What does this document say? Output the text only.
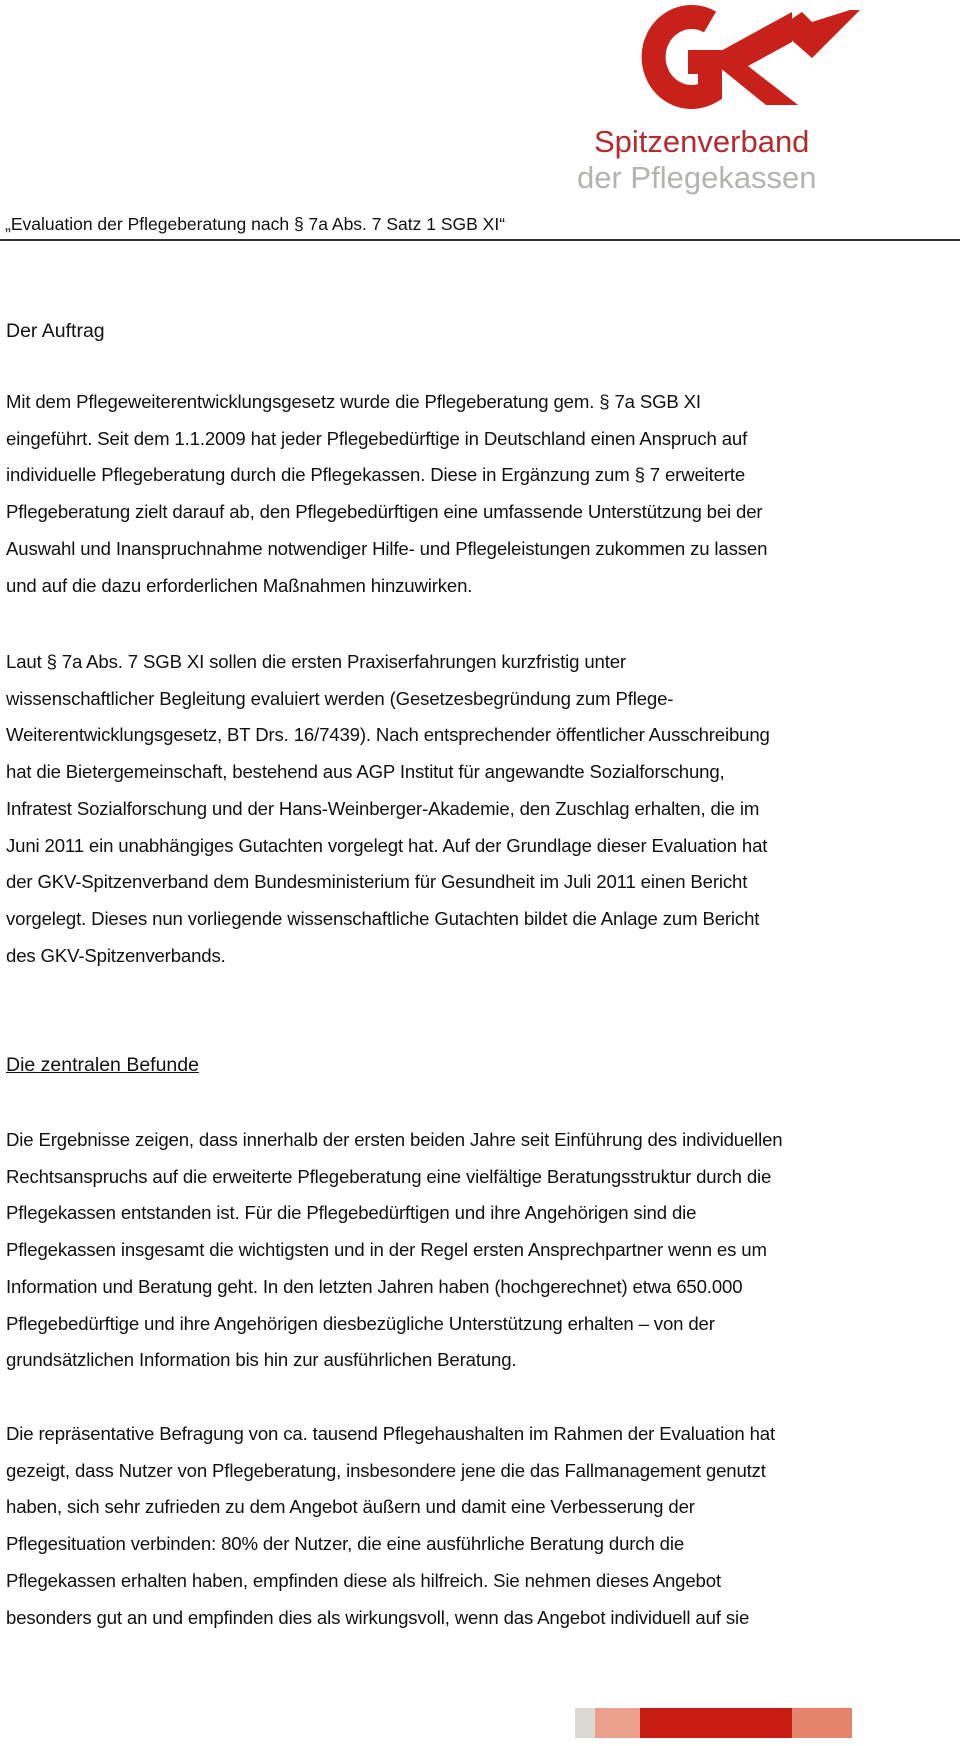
Spitzenverband
der Pflegekassen
„Evaluation der Pflegeberatung nach § 7a Abs. 7 Satz 1 SGB XI“
Der Auftrag
Mit dem Pflegeweiterentwicklungsgesetz wurde die Pflegeberatung gem. § 7a SGB XI
eingeführt. Seit dem 1.1.2009 hat jeder Pflegebedürftige in Deutschland einen Anspruch auf
individuelle Pflegeberatung durch die Pflegekassen. Diese in Ergänzung zum § 7 erweiterte
Pflegeberatung zielt darauf ab, den Pflegebedürftigen eine umfassende Unterstützung bei der
Auswahl und Inanspruchnahme notwendiger Hilfe- und Pflegeleistungen zukommen zu lassen
und auf die dazu erforderlichen Maßnahmen hinzuwirken.
Laut § 7a Abs. 7 SGB XI sollen die ersten Praxiserfahrungen kurzfristig unter
wissenschaftlicher Begleitung evaluiert werden (Gesetzesbegründung zum Pflege-
Weiterentwicklungsgesetz, BT Drs. 16/7439). Nach entsprechender öffentlicher Ausschreibung
hat die Bietergemeinschaft, bestehend aus AGP Institut für angewandte Sozialforschung,
Infratest Sozialforschung und der Hans-Weinberger-Akademie, den Zuschlag erhalten, die im
Juni 2011 ein unabhängiges Gutachten vorgelegt hat. Auf der Grundlage dieser Evaluation hat
der GKV-Spitzenverband dem Bundesministerium für Gesundheit im Juli 2011 einen Bericht
vorgelegt. Dieses nun vorliegende wissenschaftliche Gutachten bildet die Anlage zum Bericht
des GKV-Spitzenverbands.
Die zentralen Befunde
Die Ergebnisse zeigen, dass innerhalb der ersten beiden Jahre seit Einführung des individuellen
Rechtsanspruchs auf die erweiterte Pflegeberatung eine vielfältige Beratungsstruktur durch die
Pflegekassen entstanden ist. Für die Pflegebedürftigen und ihre Angehörigen sind die
Pflegekassen insgesamt die wichtigsten und in der Regel ersten Ansprechpartner wenn es um
Information und Beratung geht. In den letzten Jahren haben (hochgerechnet) etwa 650.000
Pflegebedürftige und ihre Angehörigen diesbezügliche Unterstützung erhalten – von der
grundsätzlichen Information bis hin zur ausführlichen Beratung.
Die repräsentative Befragung von ca. tausend Pflegehaushalten im Rahmen der Evaluation hat
gezeigt, dass Nutzer von Pflegeberatung, insbesondere jene die das Fallmanagement genutzt
haben, sich sehr zufrieden zu dem Angebot äußern und damit eine Verbesserung der
Pflegesituation verbinden: 80% der Nutzer, die eine ausführliche Beratung durch die
Pflegekassen erhalten haben, empfinden diese als hilfreich. Sie nehmen dieses Angebot
besonders gut an und empfinden dies als wirkungsvoll, wenn das Angebot individuell auf sie
